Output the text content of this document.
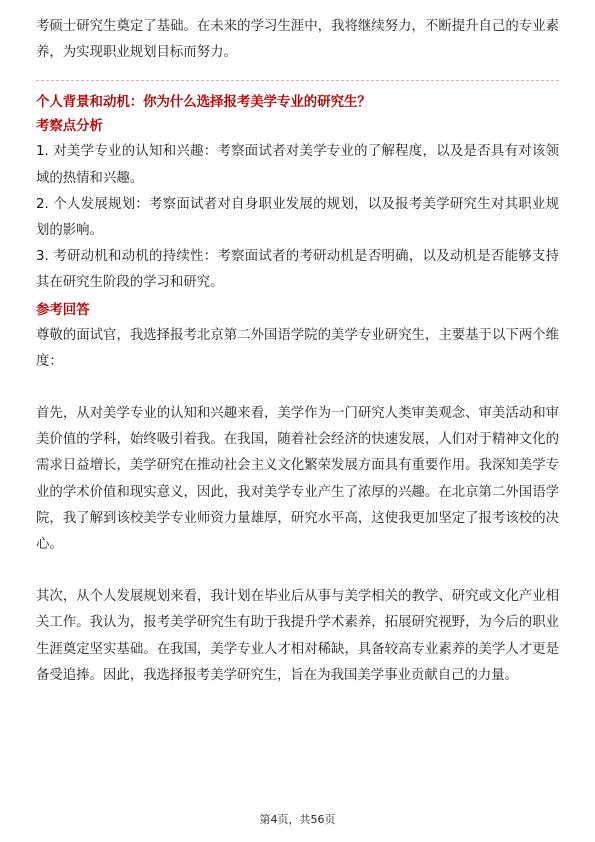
考硕士研究生奠定了基础。在未来的学习生涯中，我将继续努力，不断提升自己的专业素养，为实现职业规划目标而努力。

个人背景和动机：你为什么选择报考美学专业的研究生？
考察点分析

1. 对美学专业的认知和兴趣：考察面试者对美学专业的了解程度，以及是否具有对该领域的热情和兴趣。

2. 个人发展规划：考察面试者对自身职业发展的规划，以及报考美学研究生对其职业规划的影响。

3. 考研动机和动机的持续性：考察面试者的考研动机是否明确，以及动机是否能够支持其在研究生阶段的学习和研究。

参考回答

尊敬的面试官，我选择报考北京第二外国语学院的美学专业研究生，主要基于以下两个维度：

首先，从对美学专业的认知和兴趣来看，美学作为一门研究人类审美观念、审美活动和审美价值的学科，始终吸引着我。在我国，随着社会经济的快速发展，人们对于精神文化的需求日益增长，美学研究在推动社会主义文化繁荣发展方面具有重要作用。我深知美学专业的学术价值和现实意义，因此，我对美学专业产生了浓厚的兴趣。在北京第二外国语学院，我了解到该校美学专业师资力量雄厚，研究水平高，这使我更加坚定了报考该校的决心。

其次，从个人发展规划来看，我计划在毕业后从事与美学相关的教学、研究或文化产业相关工作。我认为，报考美学研究生有助于我提升学术素养，拓展研究视野，为今后的职业生涯奠定坚实基础。在我国，美学专业人才相对稀缺，具备较高专业素养的美学人才更是备受追捧。因此，我选择报考美学研究生，旨在为我国美学事业贡献自己的力量。

第4页，共56页
